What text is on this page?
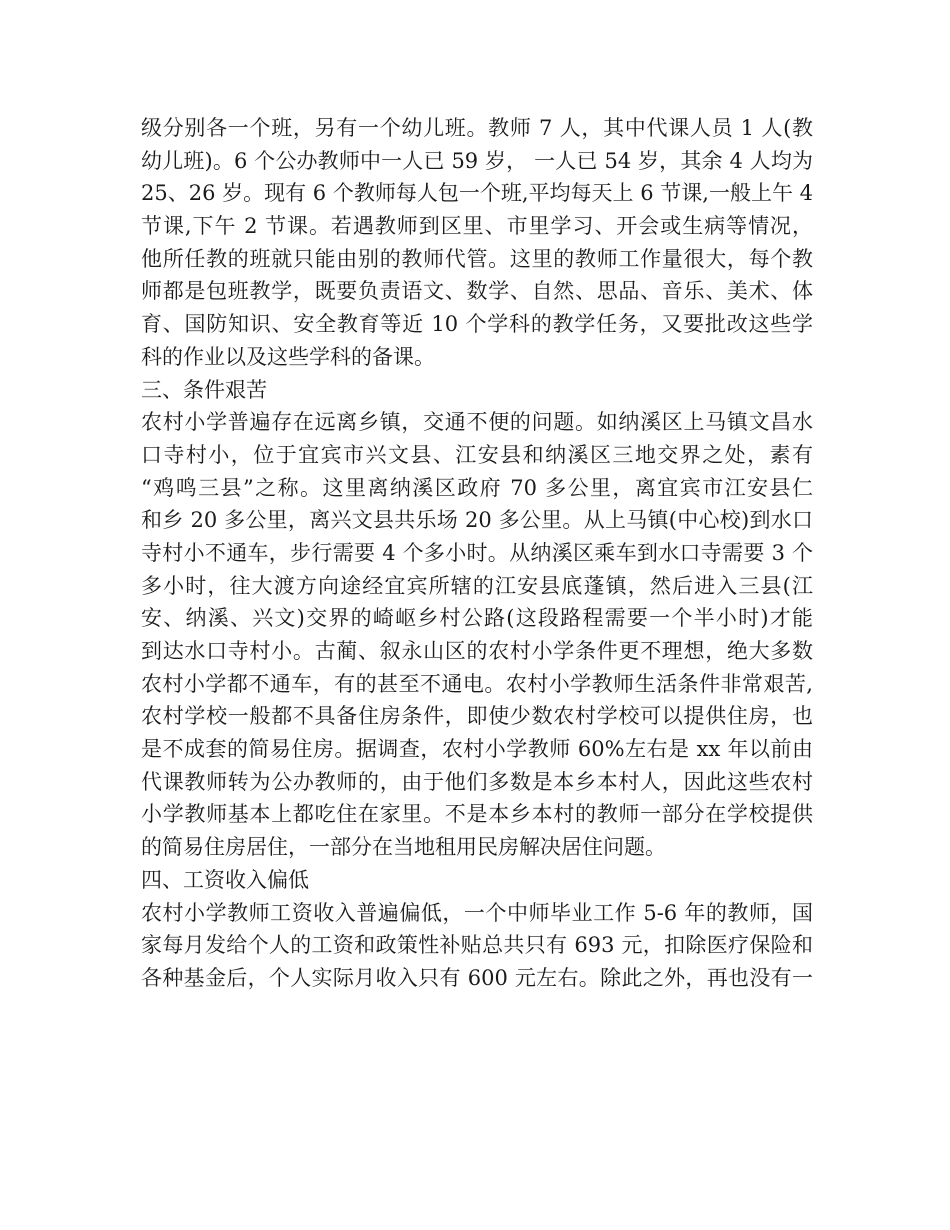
级分别各一个班，另有一个幼儿班。教师 7 人，其中代课人员 1 人(教
幼儿班)。6 个公办教师中一人已 59 岁， 一人已 54 岁，其余 4 人均为
25、26 岁。现有 6 个教师每人包一个班,平均每天上 6 节课,一般上午 4
节课,下午 2 节课。若遇教师到区里、市里学习、开会或生病等情况，
他所任教的班就只能由别的教师代管。这里的教师工作量很大，每个教
师都是包班教学，既要负责语文、数学、自然、思品、音乐、美术、体
育、国防知识、安全教育等近 10 个学科的教学任务，又要批改这些学
科的作业以及这些学科的备课。
三、条件艰苦
农村小学普遍存在远离乡镇，交通不便的问题。如纳溪区上马镇文昌水
口寺村小，位于宜宾市兴文县、江安县和纳溪区三地交界之处，素有
“鸡鸣三县”之称。这里离纳溪区政府 70 多公里，离宜宾市江安县仁
和乡 20 多公里，离兴文县共乐场 20 多公里。从上马镇(中心校)到水口
寺村小不通车，步行需要 4 个多小时。从纳溪区乘车到水口寺需要 3 个
多小时，往大渡方向途经宜宾所辖的江安县底蓬镇，然后进入三县(江
安、纳溪、兴文)交界的崎岖乡村公路(这段路程需要一个半小时)才能
到达水口寺村小。古蔺、叙永山区的农村小学条件更不理想，绝大多数
农村小学都不通车，有的甚至不通电。农村小学教师生活条件非常艰苦,
农村学校一般都不具备住房条件，即使少数农村学校可以提供住房，也
是不成套的简易住房。据调查，农村小学教师 60%左右是 xx 年以前由
代课教师转为公办教师的，由于他们多数是本乡本村人，因此这些农村
小学教师基本上都吃住在家里。不是本乡本村的教师一部分在学校提供
的简易住房居住，一部分在当地租用民房解决居住问题。
四、工资收入偏低
农村小学教师工资收入普遍偏低，一个中师毕业工作 5-6 年的教师，国
家每月发给个人的工资和政策性补贴总共只有 693 元，扣除医疗保险和
各种基金后，个人实际月收入只有 600 元左右。除此之外，再也没有一
